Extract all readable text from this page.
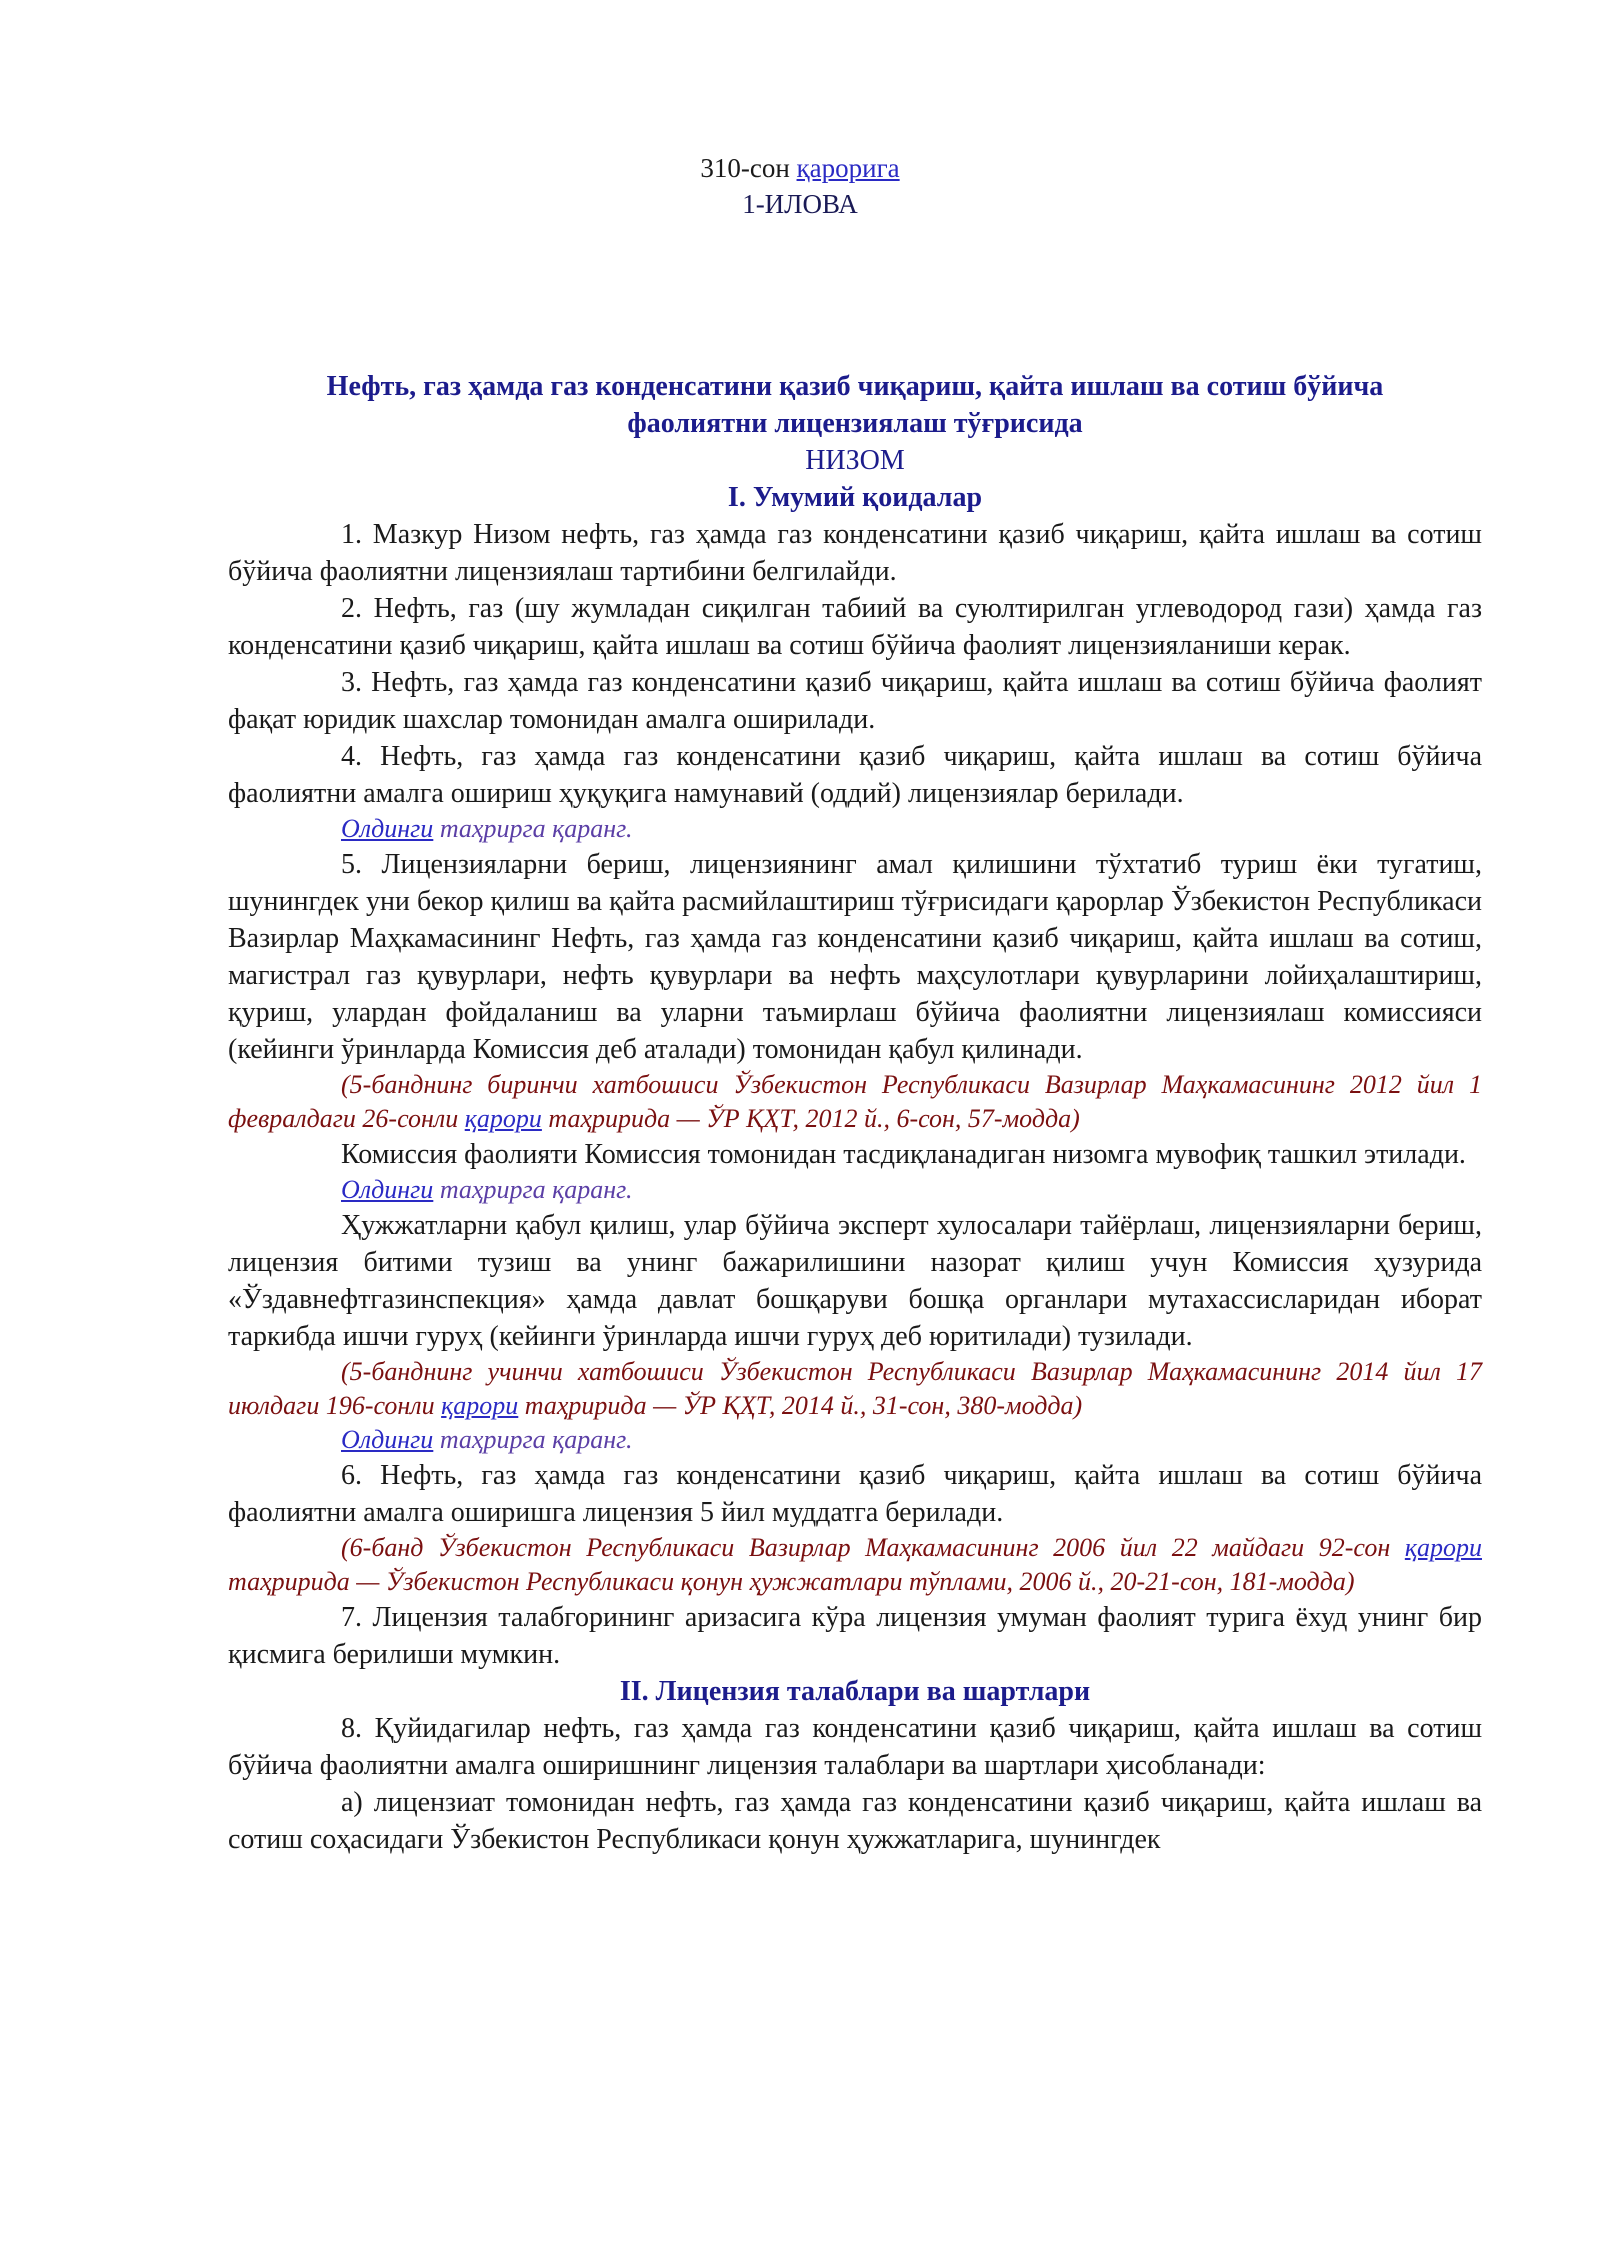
310-сон қарорига
1-ИЛОВА
Нефть, газ ҳамда газ конденсатини қазиб чиқариш, қайта ишлаш ва сотиш бўйича
фаолиятни лицензиялаш тўғрисида
НИЗОМ
I. Умумий қоидалар

1. Мазкур Низом нефть, газ ҳамда газ конденсатини қазиб чиқариш, қайта ишлаш ва сотиш бўйича фаолиятни лицензиялаш тартибини белгилайди.

2. Нефть, газ (шу жумладан сиқилган табиий ва суюлтирилган углеводород гази) ҳамда газ конденсатини қазиб чиқариш, қайта ишлаш ва сотиш бўйича фаолият лицензияланиши керак.

3. Нефть, газ ҳамда газ конденсатини қазиб чиқариш, қайта ишлаш ва сотиш бўйича фаолият фақат юридик шахслар томонидан амалга оширилади.

4. Нефть, газ ҳамда газ конденсатини қазиб чиқариш, қайта ишлаш ва сотиш бўйича фаолиятни амалга ошириш ҳуқуқига намунавий (оддий) лицензиялар берилади.

Олдинги таҳрирга қаранг.

5. Лицензияларни бериш, лицензиянинг амал қилишини тўхтатиб туриш ёки тугатиш, шунингдек уни бекор қилиш ва қайта расмийлаштириш тўғрисидаги қарорлар Ўзбекистон Республикаси Вазирлар Маҳкамасининг Нефть, газ ҳамда газ конденсатини қазиб чиқариш, қайта ишлаш ва сотиш, магистрал газ қувурлари, нефть қувурлари ва нефть маҳсулотлари қувурларини лойиҳалаштириш, қуриш, улардан фойдаланиш ва уларни таъмирлаш бўйича фаолиятни лицензиялаш комиссияси (кейинги ўринларда Комиссия деб аталади) томонидан қабул қилинади.

(5-банднинг биринчи хатбошиси Ўзбекистон Республикаси Вазирлар Маҳкамасининг 2012 йил 1 февралдаги 26-сонли қарори таҳририда — ЎР ҚҲТ, 2012 й., 6-сон, 57-модда)

Комиссия фаолияти Комиссия томонидан тасдиқланадиган низомга мувофиқ ташкил этилади.

Олдинги таҳрирга қаранг.

Ҳужжатларни қабул қилиш, улар бўйича эксперт хулосалари тайёрлаш, лицензияларни бериш, лицензия битими тузиш ва унинг бажарилишини назорат қилиш учун Комиссия ҳузурида «Ўздавнефтгазинспекция» ҳамда давлат бошқаруви бошқа органлари мутахассисларидан иборат таркибда ишчи гуруҳ (кейинги ўринларда ишчи гуруҳ деб юритилади) тузилади.

(5-банднинг учинчи хатбошиси Ўзбекистон Республикаси Вазирлар Маҳкамасининг 2014 йил 17 июлдаги 196-сонли қарори таҳририда — ЎР ҚҲТ, 2014 й., 31-сон, 380-модда)

Олдинги таҳрирга қаранг.

6. Нефть, газ ҳамда газ конденсатини қазиб чиқариш, қайта ишлаш ва сотиш бўйича фаолиятни амалга оширишга лицензия 5 йил муддатга берилади.

(6-банд Ўзбекистон Республикаси Вазирлар Маҳкамасининг 2006 йил 22 майдаги 92-сон қарори таҳририда — Ўзбекистон Республикаси қонун ҳужжатлари тўплами, 2006 й., 20-21-сон, 181-модда)

7. Лицензия талабгорининг аризасига кўра лицензия умуман фаолият турига ёхуд унинг бир қисмига берилиши мумкин.

II. Лицензия талаблари ва шартлари

8. Қуйидагилар нефть, газ ҳамда газ конденсатини қазиб чиқариш, қайта ишлаш ва сотиш бўйича фаолиятни амалга оширишнинг лицензия талаблари ва шартлари ҳисобланади:

а) лицензиат томонидан нефть, газ ҳамда газ конденсатини қазиб чиқариш, қайта ишлаш ва сотиш соҳасидаги Ўзбекистон Республикаси қонун ҳужжатларига, шунингдек
